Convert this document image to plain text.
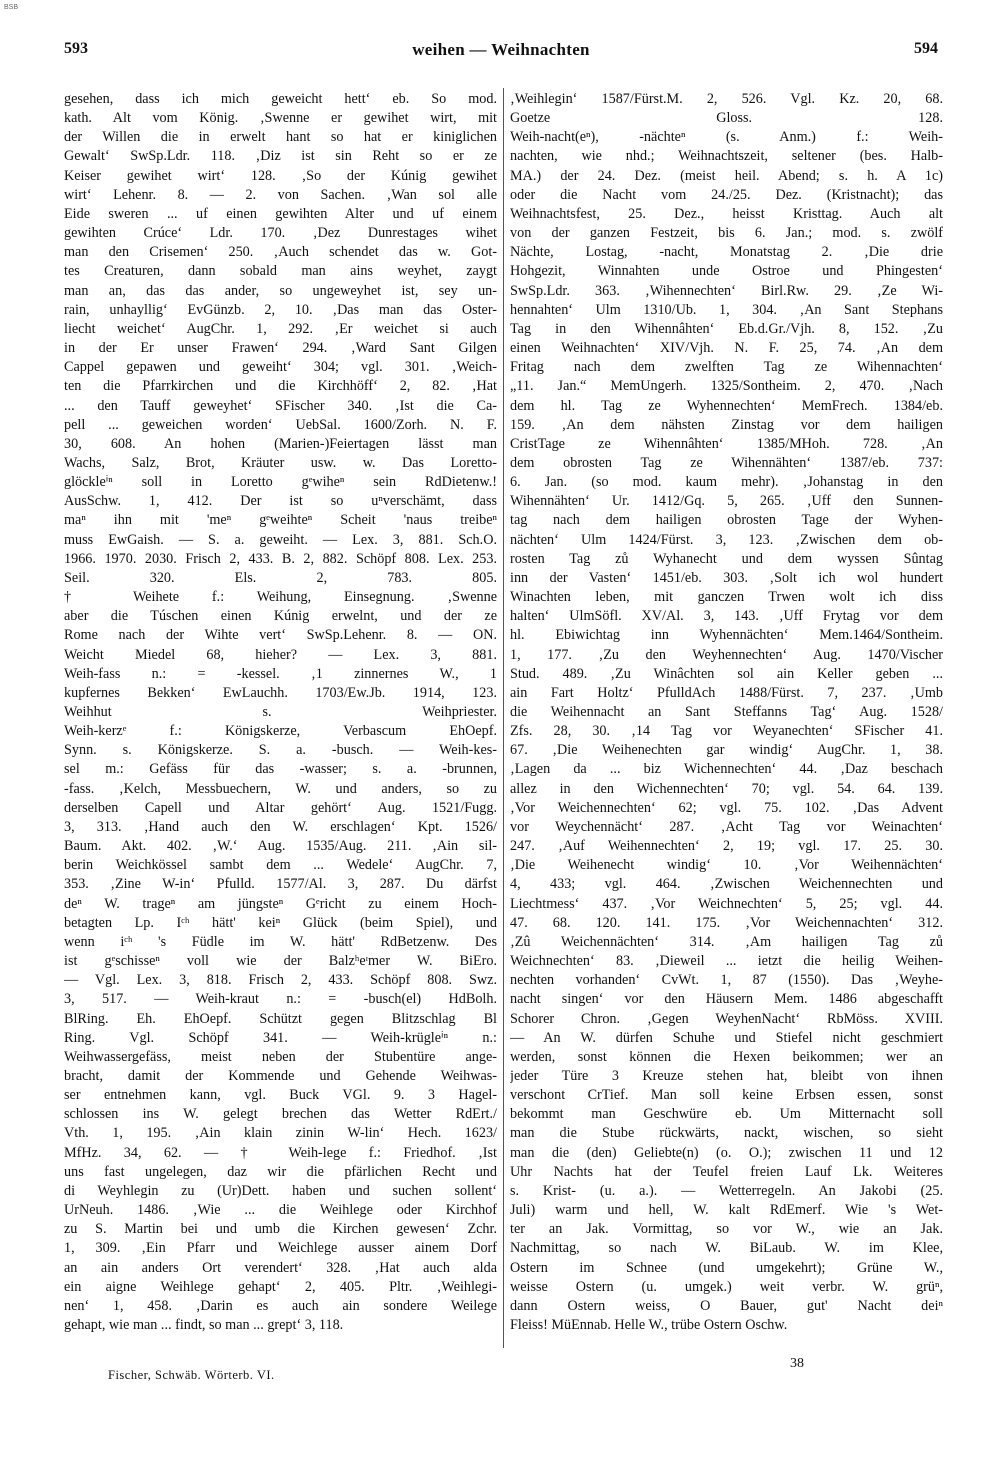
BSB
593	weihen — Weihnachten	594
gesehen, dass ich mich geweicht hett‘ eb. So mod.
kath. Alt vom König. ‚Swenne er gewihet wirt, mit
der Willen die in erwelt hant so hat er kiniglichen
Gewalt‘ SwSp.Ldr. 118. ‚Diz ist sin Reht so er ze
Keiser gewihet wirt‘ 128. ‚So der Kúnig gewihet
wirt‘ Lehenr. 8. — 2. von Sachen. ‚Wan sol alle
Eide sweren ... uf einen gewihten Alter und uf einem
gewihten Crúce‘ Ldr. 170. ‚Dez Dunrestages wihet
man den Crisemen‘ 250. ‚Auch schendet das w. Got-
tes Creaturen, dann sobald man ains weyhet, zaygt
man an, das das ander, so ungeweyhet ist, sey un-
rain, unhayllig‘ EvGünzb. 2, 10. ‚Das man das Oster-
liecht weichet‘ AugChr. 1, 292. ‚Er weichet si auch
in der Er unser Frawen‘ 294. ‚Ward Sant Gilgen
Cappel gepawen und geweiht‘ 304; vgl. 301. ‚Weich-
ten die Pfarrkirchen und die Kirchhöff‘ 2, 82. ‚Hat
... den Tauff geweyhet‘ SFischer 340. ‚Ist die Ca-
pell ... geweichen worden‘ UebSal. 1600/Zorh. N. F.
30, 608. An hohen (Marien-)Feiertagen lässt man
Wachs, Salz, Brot, Kräuter usw. w. Das Loretto-
glöckleⁱⁿ soll in Loretto gᵉwiheⁿ sein RdDietenw.!
AusSchw. 1, 412. Der ist so uⁿverschämt, dass
maⁿ ihn mit 'meⁿ gᵉweihteⁿ Scheit 'naus treibeⁿ
muss EwGaish. — S. a. geweiht. — Lex. 3, 881. Sch.O.
1966. 1970. 2030. Frisch 2, 433. B. 2, 882. Schöpf 808. Lex. 253.
Seil. 320. Els. 2, 783. 805.
† Weihete f.: Weihung, Einsegnung. ‚Swenne
aber die Túschen einen Kúnig erwelnt, und der ze
Rome nach der Wihte vert‘ SwSp.Lehenr. 8. — ON.
Weicht Miedel 68, hieher? — Lex. 3, 881.
Weih-fass n.: = -kessel. ‚1 zinnernes W., 1
kupfernes Bekken‘ EwLauchh. 1703/Ew.Jb. 1914, 123.
Weihhut s. Weihpriester.
Weih-kerzᵉ f.: Königskerze, Verbascum EhOepf.
Synn. s. Königskerze. S. a. -busch. — Weih-kes-
sel m.: Gefäss für das -wasser; s. a. -brunnen,
-fass. ‚Kelch, Messbuechern, W. und anders, so zu
derselben Capell und Altar gehört‘ Aug. 1521/Fugg.
3, 313. ‚Hand auch den W. erschlagen‘ Kpt. 1526/
Baum. Akt. 402. ‚W.‘ Aug. 1535/Aug. 211. ‚Ain sil-
berin Weichkössel sambt dem ... Wedele‘ AugChr. 7,
353. ‚Zine W-in‘ Pfulld. 1577/Al. 3, 287. Du därfst
deⁿ W. trageⁿ am jüngsteⁿ Gᵉricht zu einem Hoch-
betagten Lp. Iᶜʰ hätt' keiⁿ Glück (beim Spiel), und
wenn iᶜʰ 's Füdle im W. hätt' RdBetzenw. Des
ist gᵉschisseⁿ voll wie der Balzʰeᶦmer W. BiEro.
— Vgl. Lex. 3, 818. Frisch 2, 433. Schöpf 808. Swz.
3, 517. — Weih-kraut n.: = -busch(el) HdBolh.
BlRing. Eh. EhOepf. Schützt gegen Blitzschlag Bl
Ring. Vgl. Schöpf 341. — Weih-krügleⁱⁿ n.:
Weihwassergefäss, meist neben der Stubentüre ange-
bracht, damit der Kommende und Gehende Weihwas-
ser entnehmen kann, vgl. Buck VGl. 9. 3 Hagel-
schlossen ins W. gelegt brechen das Wetter RdErt./
Vth. 1, 195. ‚Ain klain zinin W-lin‘ Hech. 1623/
MfHz. 34, 62. — † Weih-lege f.: Friedhof. ‚Ist
uns fast ungelegen, daz wir die pfärlichen Recht und
di Weyhlegin zu (Ur)Dett. haben und suchen sollent‘
UrNeuh. 1486. ‚Wie ... die Weihlege oder Kirchhof
zu S. Martin bei und umb die Kirchen gewesen‘ Zchr.
1, 309. ‚Ein Pfarr und Weichlege ausser ainem Dorf
an ain anders Ort verendert‘ 328. ‚Hat auch alda
ein aigne Weihlege gehapt‘ 2, 405. Pltr. ‚Weihlegi-
nen‘ 1, 458. ‚Darin es auch ain sondere Weilege
gehapt, wie man ... findt, so man ... grept‘ 3, 118.
‚Weihlegin‘ 1587/Fürst.M. 2, 526. Vgl. Kz. 20, 68.
Goetze Gloss. 128.
Weih-nacht(eⁿ), -nächteⁿ (s. Anm.) f.: Weih-
nachten, wie nhd.; Weihnachtszeit, seltener (bes. Halb-
MA.) der 24. Dez. (meist heil. Abend; s. h. A 1c)
oder die Nacht vom 24./25. Dez. (Kristnacht); das
Weihnachtsfest, 25. Dez., heisst Kristtag. Auch alt
von der ganzen Festzeit, bis 6. Jan.; mod. s. zwölf
Nächte, Lostag, -nacht, Monatstag 2. ‚Die drie
Hohgezit, Winnahten unde Ostroe und Phingesten‘
SwSp.Ldr. 363. ‚Wihennechten‘ Birl.Rw. 29. ‚Ze Wi-
hennahten‘ Ulm 1310/Ub. 1, 304. ‚An Sant Stephans
Tag in den Wihennâhten‘ Eb.d.Gr./Vjh. 8, 152. ‚Zu
einen Weihnachten‘ XIV/Vjh. N. F. 25, 74. ‚An dem
Fritag nach dem zwelften Tag ze Wihennachten‘
„11. Jan.“ MemUngerh. 1325/Sontheim. 2, 470. ‚Nach
dem hl. Tag ze Wyhennechten‘ MemFrech. 1384/eb.
159. ‚An dem nähsten Zinstag vor dem hailigen
CristTage ze Wihennâhten‘ 1385/MHoh. 728. ‚An
dem obrosten Tag ze Wihennähten‘ 1387/eb. 737:
6. Jan. (so mod. kaum mehr). ‚Johanstag in den
Wihennähten‘ Ur. 1412/Gq. 5, 265. ‚Uff den Sunnen-
tag nach dem hailigen obrosten Tage der Wyhen-
nächten‘ Ulm 1424/Fürst. 3, 123. ‚Zwischen dem ob-
rosten Tag zů Wyhanecht und dem wyssen Sûntag
inn der Vasten‘ 1451/eb. 303. ‚Solt ich wol hundert
Winachten leben, mit ganczen Trwen wolt ich diss
halten‘ UlmSöfl. XV/Al. 3, 143. ‚Uff Frytag vor dem
hl. Ebiwichtag inn Wyhennächten‘ Mem.1464/Sontheim.
1, 177. ‚Zu den Weyhennechten‘ Aug. 1470/Vischer
Stud. 489. ‚Zu Winâchten sol ain Keller geben ...
ain Fart Holtz‘ PfulldAch 1488/Fürst. 7, 237. ‚Umb
die Weihennacht an Sant Steffanns Tag‘ Aug. 1528/
Zfs. 28, 30. ‚14 Tag vor Weyanechten‘ SFischer 41.
67. ‚Die Weihenechten gar windig‘ AugChr. 1, 38.
‚Lagen da ... biz Wichennechten‘ 44. ‚Daz beschach
allez in den Wichennechten‘ 70; vgl. 54. 64. 139.
‚Vor Weichennechten‘ 62; vgl. 75. 102. ‚Das Advent
vor Weychennächt‘ 287. ‚Acht Tag vor Weinachten‘
247. ‚Auf Weihennechten‘ 2, 19; vgl. 17. 25. 30.
‚Die Weihenecht windig‘ 10. ‚Vor Weihennächten‘
4, 433; vgl. 464. ‚Zwischen Weichennechten und
Liechtmess‘ 437. ‚Vor Weichnechten‘ 5, 25; vgl. 44.
47. 68. 120. 141. 175. ‚Vor Weichennachten‘ 312.
‚Zû Weichennächten‘ 314. ‚Am hailigen Tag zů
Weichnechten‘ 83. ‚Dieweil ... ietzt die heilig Weihen-
nechten vorhanden‘ CvWt. 1, 87 (1550). Das ‚Weyhe-
nacht singen‘ vor den Häusern Mem. 1486 abgeschafft
Schorer Chron. ‚Gegen WeyhenNacht‘ RbMöss. XVIII.
— An W. dürfen Schuhe und Stiefel nicht geschmiert
werden, sonst können die Hexen beikommen; wer an
jeder Türe 3 Kreuze stehen hat, bleibt von ihnen
verschont CrTief. Man soll keine Erbsen essen, sonst
bekommt man Geschwüre eb. Um Mitternacht soll
man die Stube rückwärts, nackt, wischen, so sieht
man die (den) Geliebte(n) (o. O.); zwischen 11 und 12
Uhr Nachts hat der Teufel freien Lauf Lk. Weiteres
s. Krist- (u. a.). — Wetterregeln. An Jakobi (25.
Juli) warm und hell, W. kalt RdEmerf. Wie 's Wet-
ter an Jak. Vormittag, so vor W., wie an Jak.
Nachmittag, so nach W. BiLaub. W. im Klee,
Ostern im Schnee (und umgekehrt); Grüne W.,
weisse Ostern (u. umgek.) weit verbr. W. grüⁿ,
dann Ostern weiss, O Bauer, gut' Nacht deiⁿ
Fleiss! MüEnnab. Helle W., trübe Ostern Oschw.
38
Fischer, Schwäb. Wörterb. VI.
